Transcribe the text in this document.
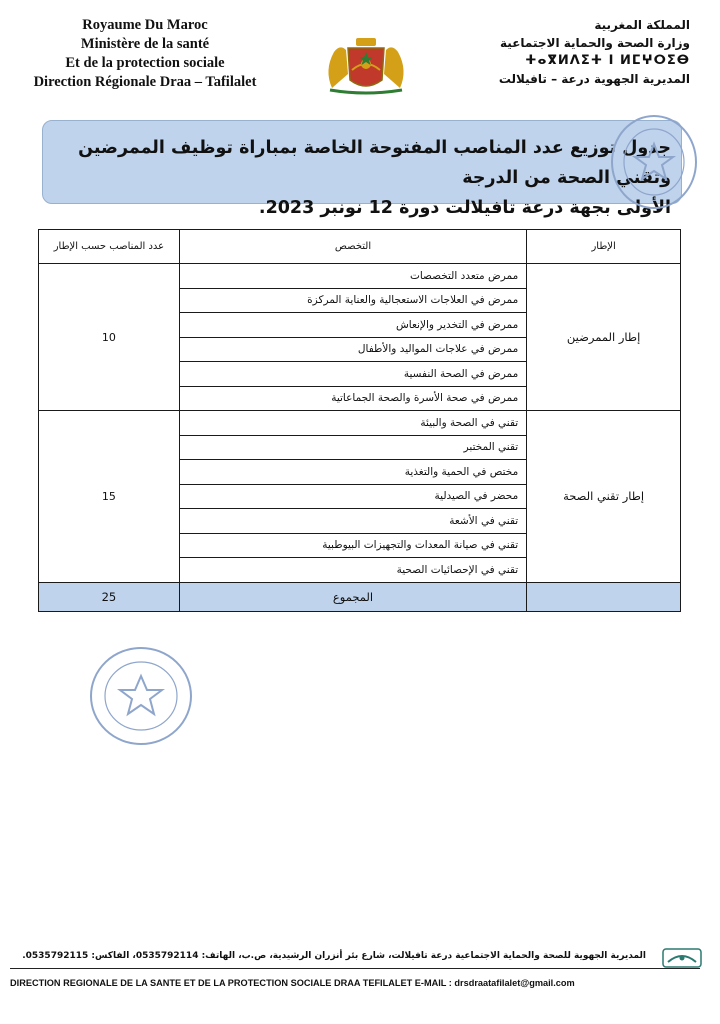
Royaume Du Maroc
Ministère de la santé
Et de la protection sociale
Direction Régionale Draa – Tafilalet
المملكة المغربية
وزارة الصحة والحماية الاجتماعية
ⵜⴰⴳⵍⴷⵉⵜ ⵏ ⵍⵎⵖⵔⵉⴱ
المديرية الجهوية درعة – تافيلالت
جدول توزيع عدد المناصب المفتوحة الخاصة بمباراة توظيف الممرضين وتقني الصحة من الدرجة
الأولى بجهة درعة تافيلالت دورة 12 نونبر 2023.
الإطار	التخصص	عدد المناصب حسب الإطار
إطار الممرضين	ممرض متعدد التخصصات	10
	ممرض في العلاجات الاستعجالية والعناية المركزة	
	ممرض في التخدير والإنعاش	
	ممرض في علاجات المواليد والأطفال	
	ممرض في الصحة النفسية	
	ممرض في صحة الأسرة والصحة الجماعاتية	
إطار تقني الصحة	تقني في الصحة والبيئة	15
	تقني المختبر	
	مختص في الحمية والتغذية	
	محضر في الصيدلية	
	تقني في الأشعة	
	تقني في صيانة المعدات والتجهيزات البيوطبية	
	تقني في الإحصائيات الصحية	
	المجموع	25
المديرية الجهوية للصحة والحماية الاجتماعية درعة تافيلالت، شارع بئر أنزران الرشيدية، ص.ب، الهاتف: 0535792114، الفاكس: 0535792115.
DIRECTION REGIONALE DE LA SANTE ET DE LA PROTECTION SOCIALE DRAA TEFILALET E-MAIL : drsdraatafilalet@gmail.com
